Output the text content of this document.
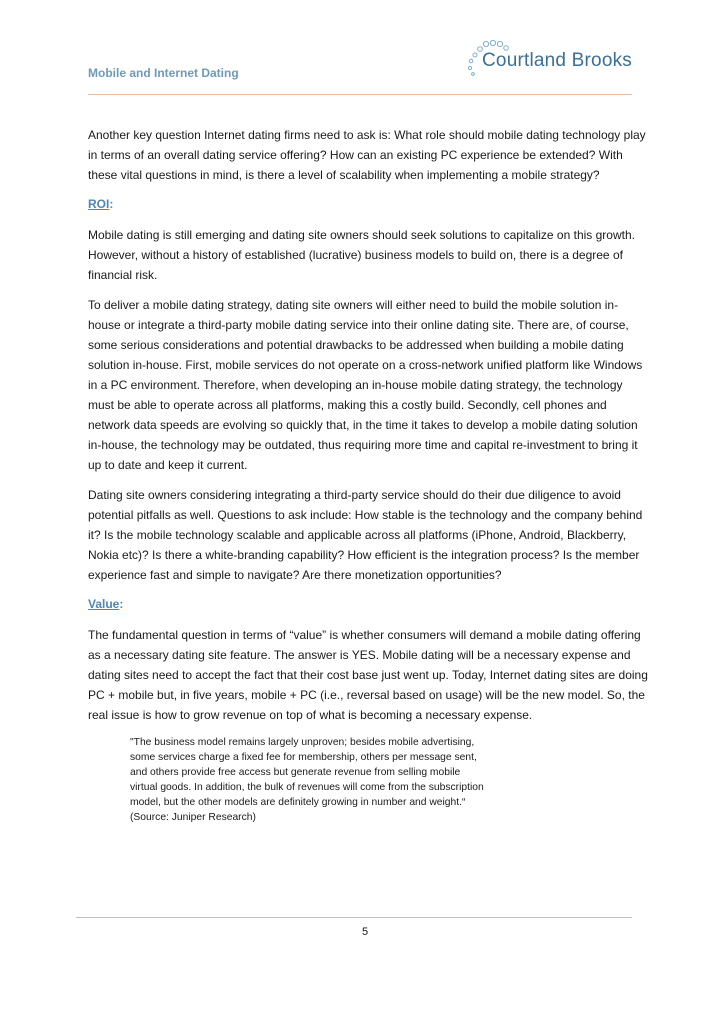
Mobile and Internet Dating
Courtland Brooks

Another key question Internet dating firms need to ask is: What role should mobile dating technology play in terms of an overall dating service offering? How can an existing PC experience be extended? With these vital questions in mind, is there a level of scalability when implementing a mobile strategy?

ROI:

Mobile dating is still emerging and dating site owners should seek solutions to capitalize on this growth. However, without a history of established (lucrative) business models to build on, there is a degree of financial risk.

To deliver a mobile dating strategy, dating site owners will either need to build the mobile solution in-house or integrate a third-party mobile dating service into their online dating site. There are, of course, some serious considerations and potential drawbacks to be addressed when building a mobile dating solution in-house. First, mobile services do not operate on a cross-network unified platform like Windows in a PC environment. Therefore, when developing an in-house mobile dating strategy, the technology must be able to operate across all platforms, making this a costly build. Secondly, cell phones and network data speeds are evolving so quickly that, in the time it takes to develop a mobile dating solution in-house, the technology may be outdated, thus requiring more time and capital re-investment to bring it up to date and keep it current.

Dating site owners considering integrating a third-party service should do their due diligence to avoid potential pitfalls as well. Questions to ask include: How stable is the technology and the company behind it? Is the mobile technology scalable and applicable across all platforms (iPhone, Android, Blackberry, Nokia etc)? Is there a white-branding capability? How efficient is the integration process? Is the member experience fast and simple to navigate? Are there monetization opportunities?

Value:

The fundamental question in terms of “value” is whether consumers will demand a mobile dating offering as a necessary dating site feature. The answer is YES. Mobile dating will be a necessary expense and dating sites need to accept the fact that their cost base just went up. Today, Internet dating sites are doing PC + mobile but, in five years, mobile + PC (i.e., reversal based on usage) will be the new model. So, the real issue is how to grow revenue on top of what is becoming a necessary expense.

"The business model remains largely unproven; besides mobile advertising,
some services charge a fixed fee for membership, others per message sent,
and others provide free access but generate revenue from selling mobile
virtual goods. In addition, the bulk of revenues will come from the subscription
model, but the other models are definitely growing in number and weight.“
(Source: Juniper Research)
5
